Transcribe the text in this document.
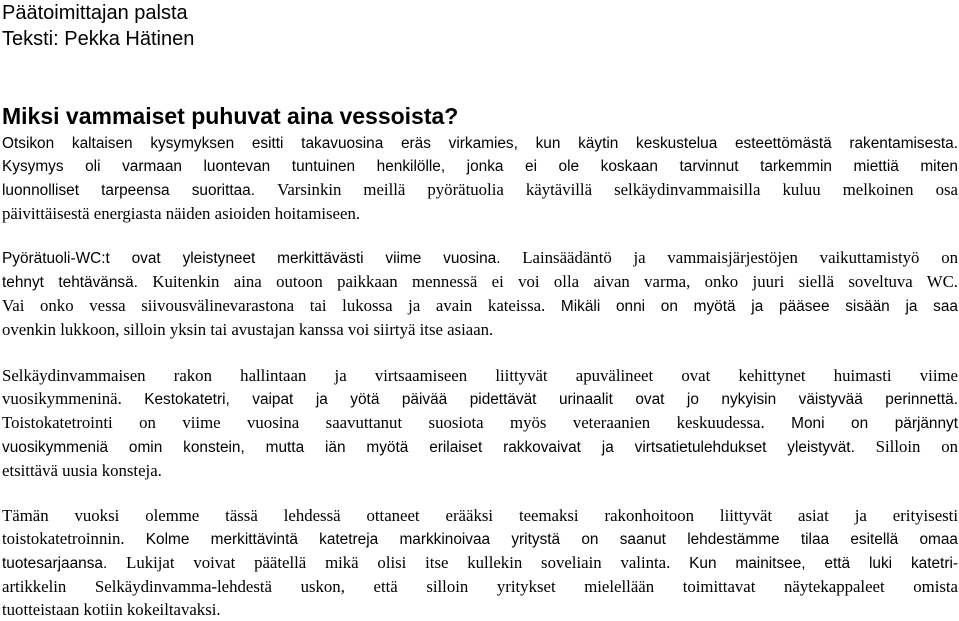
Päätoimittajan palsta

Teksti: Pekka Hätinen

Miksi vammaiset puhuvat aina vessoista?
Otsikon kaltaisen kysymyksen esitti takavuosina eräs virkamies, kun käytin keskustelua esteettömästä rakentamisesta.
Kysymys oli varmaan luontevan tuntuinen henkilölle, jonka ei ole koskaan tarvinnut tarkemmin miettiä miten
luonnolliset tarpeensa suorittaa. Varsinkin meillä pyörätuolia käytävillä selkäydinvammaisilla kuluu melkoinen osa
päivittäisestä energiasta näiden asioiden hoitamiseen.
Pyörätuoli-WC:t ovat yleistyneet merkittävästi viime vuosina. Lainsäädäntö ja vammaisjärjestöjen vaikuttamistyö on
tehnyt tehtävänsä. Kuitenkin aina outoon paikkaan mennessä ei voi olla aivan varma, onko juuri siellä soveltuva WC.
Vai onko vessa siivousvälinevarastona tai lukossa ja avain kateissa. Mikäli onni on myötä ja pääsee sisään ja saa
ovenkin lukkoon, silloin yksin tai avustajan kanssa voi siirtyä itse asiaan.
Selkäydinvammaisen rakon hallintaan ja virtsaamiseen liittyvät apuvälineet ovat kehittynet huimasti viime
vuosikymmeninä. Kestokatetri, vaipat ja yötä päivää pidettävät urinaalit ovat jo nykyisin väistyvää perinnettä.
Toistokatetrointi on viime vuosina saavuttanut suosiota myös veteraanien keskuudessa. Moni on pärjännyt
vuosikymmeniä omin konstein, mutta iän myötä erilaiset rakkovaivat ja virtsatietulehdukset yleistyvät. Silloin on
etsittävä uusia konsteja.
Tämän vuoksi olemme tässä lehdessä ottaneet erääksi teemaksi rakonhoitoon liittyvät asiat ja erityisesti
toistokatetroinnin. Kolme merkittävintä katetreja markkinoivaa yritystä on saanut lehdestämme tilaa esitellä omaa
tuotesarjaansa. Lukijat voivat päätellä mikä olisi itse kullekin soveliain valinta. Kun mainitsee, että luki katetri-
artikkelin Selkäydinvamma-lehdestä uskon, että silloin yritykset mielellään toimittavat näytekappaleet omista
tuotteistaan kotiin kokeiltavaksi.
